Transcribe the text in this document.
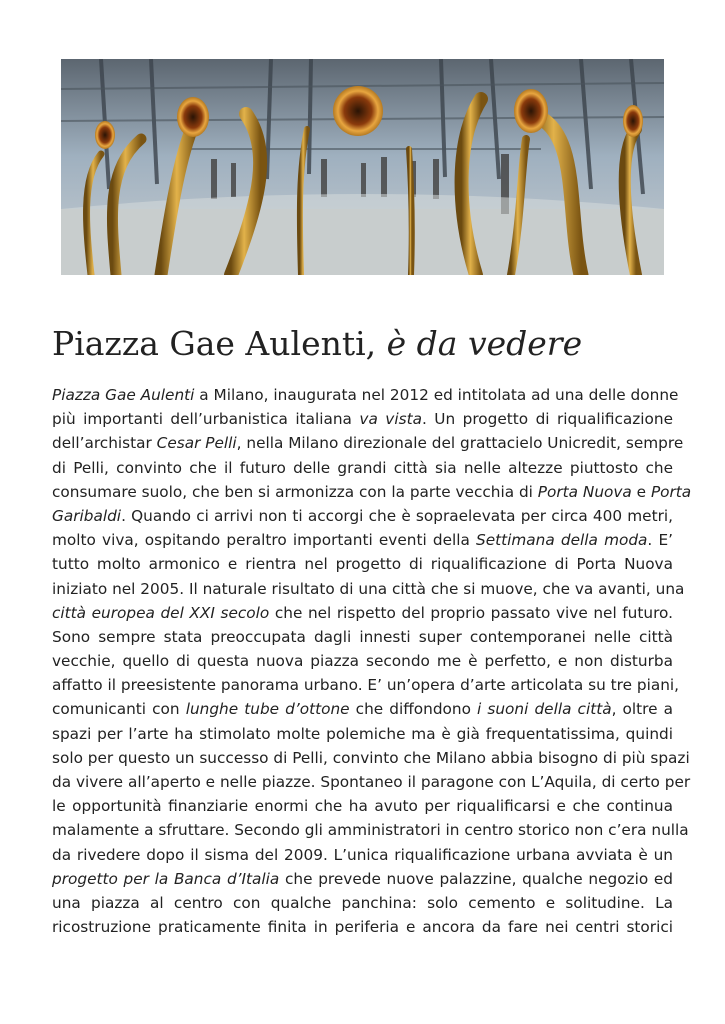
Piazza Gae Aulenti, è da vedere
Piazza Gae Aulenti a Milano, inaugurata nel 2012 ed intitolata ad una delle donne
più importanti dell’urbanistica italiana va vista. Un progetto di riqualificazione
dell’archistar Cesar Pelli, nella Milano direzionale del grattacielo Unicredit, sempre
di Pelli, convinto che il futuro delle grandi città sia nelle altezze piuttosto che
consumare suolo, che ben si armonizza con la parte vecchia di Porta Nuova e Porta
Garibaldi. Quando ci arrivi non ti accorgi che è sopraelevata per circa 400 metri,
molto viva, ospitando peraltro importanti eventi della Settimana della moda. E’
tutto molto armonico e rientra nel progetto di riqualificazione di Porta Nuova
iniziato nel 2005. Il naturale risultato di una città che si muove, che va avanti, una
città europea del XXI secolo che nel rispetto del proprio passato vive nel futuro.
Sono sempre stata preoccupata dagli innesti super contemporanei nelle città
vecchie, quello di questa nuova piazza secondo me è perfetto, e non disturba
affatto il preesistente panorama urbano. E’ un’opera d’arte articolata su tre piani,
comunicanti con lunghe tube d’ottone che diffondono i suoni della città, oltre a
spazi per l’arte ha stimolato molte polemiche ma è già frequentatissima, quindi
solo per questo un successo di Pelli, convinto che Milano abbia bisogno di più spazi
da vivere all’aperto e nelle piazze. Spontaneo il paragone con L’Aquila, di certo per
le opportunità finanziarie enormi che ha avuto per riqualificarsi e che continua
malamente a sfruttare. Secondo gli amministratori in centro storico non c’era nulla
da rivedere dopo il sisma del 2009. L’unica riqualificazione urbana avviata è un
progetto per la Banca d’Italia che prevede nuove palazzine, qualche negozio ed
una piazza al centro con qualche panchina: solo cemento e solitudine. La
ricostruzione praticamente finita in periferia e ancora da fare nei centri storici
